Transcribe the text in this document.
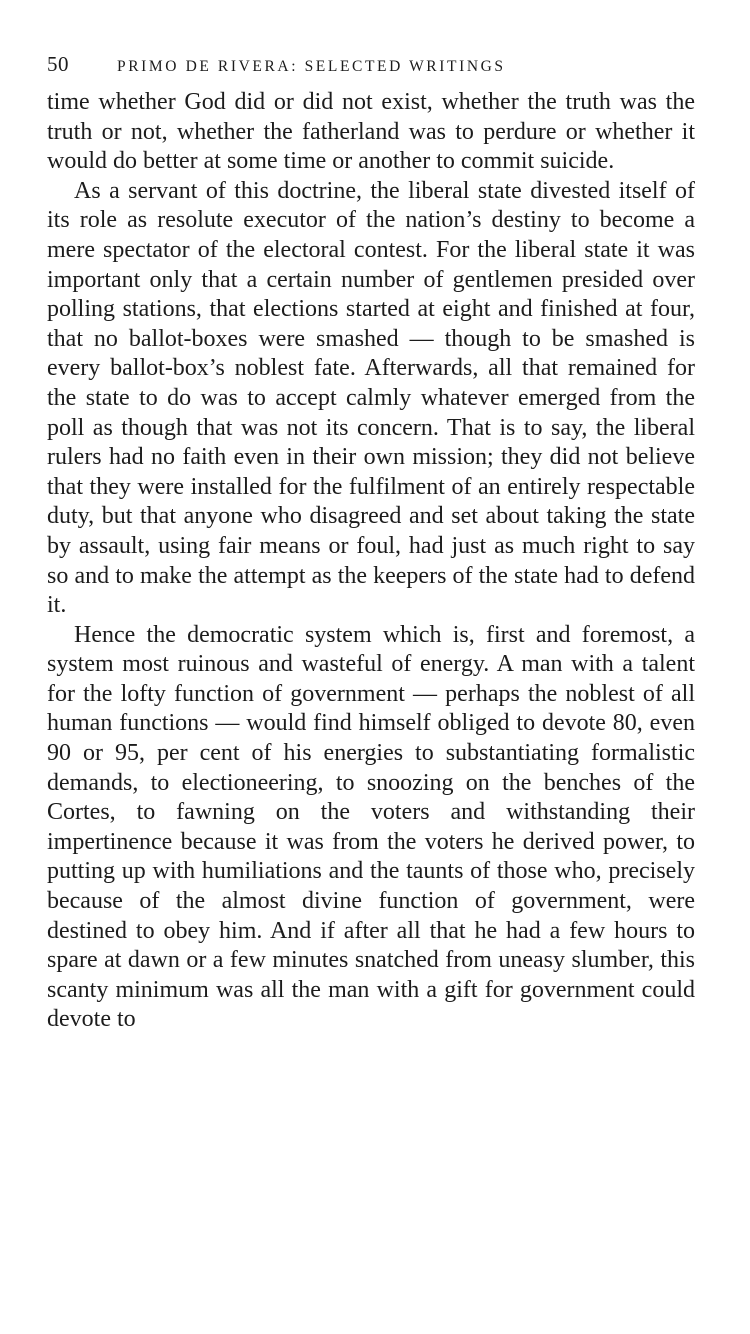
50	PRIMO DE RIVERA: SELECTED WRITINGS

time whether God did or did not exist, whether the truth was the truth or not, whether the fatherland was to perdure or whether it would do better at some time or another to commit suicide.

As a servant of this doctrine, the liberal state divested itself of its role as resolute executor of the nation’s destiny to become a mere spectator of the electoral contest. For the liberal state it was important only that a certain number of gentlemen presided over polling stations, that elections started at eight and finished at four, that no ballot-boxes were smashed — though to be smashed is every ballot-box’s noblest fate. Afterwards, all that remained for the state to do was to accept calmly whatever emerged from the poll as though that was not its concern. That is to say, the liberal rulers had no faith even in their own mission; they did not believe that they were installed for the fulfilment of an entirely respectable duty, but that anyone who disagreed and set about taking the state by assault, using fair means or foul, had just as much right to say so and to make the attempt as the keepers of the state had to defend it.

Hence the democratic system which is, first and foremost, a system most ruinous and wasteful of energy. A man with a talent for the lofty function of government — perhaps the noblest of all human functions — would find himself obliged to devote 80, even 90 or 95, per cent of his energies to substantiating formalistic demands, to electioneering, to snoozing on the benches of the Cortes, to fawning on the voters and withstanding their impertinence because it was from the voters he derived power, to putting up with humiliations and the taunts of those who, precisely because of the almost divine function of government, were destined to obey him. And if after all that he had a few hours to spare at dawn or a few minutes snatched from uneasy slumber, this scanty minimum was all the man with a gift for government could devote to
